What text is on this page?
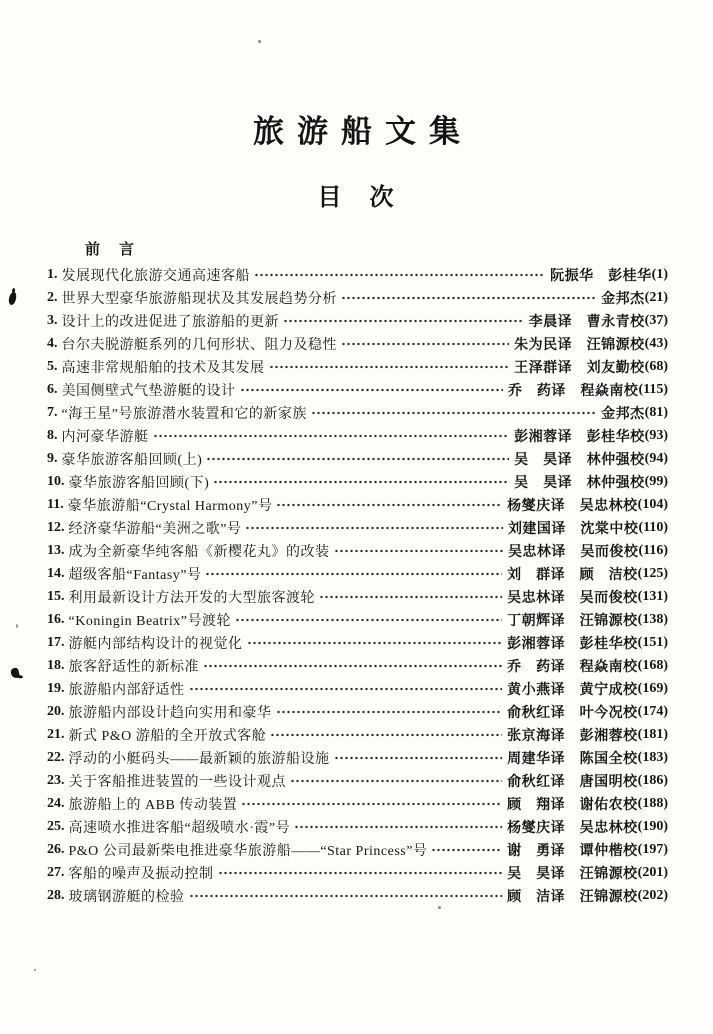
旅游船文集
目　次
前　言
1. 发展现代化旅游交通高速客船	阮振华　彭桂华 (1)
2. 世界大型豪华旅游船现状及其发展趋势分析	金邦杰 (21)
3. 设计上的改进促进了旅游船的更新	李晨译　曹永青校 (37)
4. 台尔夫脱游艇系列的几何形状、阻力及稳性	朱为民译　汪锦源校 (43)
5. 高速非常规船舶的技术及其发展	王泽群译　刘友勤校 (68)
6. 美国侧壁式气垫游艇的设计	乔　药译　程焱南校 (115)
7. “海王星”号旅游潜水装置和它的新家族	金邦杰 (81)
8. 内河豪华游艇	彭湘蓉译　彭桂华校 (93)
9. 豪华旅游客船回顾(上)	吴　昊译　林仲强校 (94)
10. 豪华旅游客船回顾(下)	吴　昊译　林仲强校 (99)
11. 豪华旅游船“Crystal Harmony”号	杨燮庆译　吴忠林校 (104)
12. 经济豪华游船“美洲之歌”号	刘建国译　沈棠中校 (110)
13. 成为全新豪华纯客船《新樱花丸》的改装	吴忠林译　吴而俊校 (116)
14. 超级客船“Fantasy”号	刘　群译　顾　洁校 (125)
15. 利用最新设计方法开发的大型旅客渡轮	吴忠林译　吴而俊校 (131)
16. “Koningin Beatrix”号渡轮	丁朝辉译　汪锦源校 (138)
17. 游艇内部结构设计的视觉化	彭湘蓉译　彭桂华校 (151)
18. 旅客舒适性的新标准	乔　药译　程焱南校 (168)
19. 旅游船内部舒适性	黄小燕译　黄宁成校 (169)
20. 旅游船内部设计趋向实用和豪华	俞秋红译　叶今况校 (174)
21. 新式 P&O 游船的全开放式客舱	张京海译　彭湘蓉校 (181)
22. 浮动的小艇码头——最新颖的旅游船设施	周建华译　陈国全校 (183)
23. 关于客船推进装置的一些设计观点	俞秋红译　唐国明校 (186)
24. 旅游船上的 ABB 传动装置	顾　翔译　谢佑农校 (188)
25. 高速喷水推进客船“超级喷水·霞”号	杨燮庆译　吴忠林校 (190)
26. P&O 公司最新柴电推进豪华旅游船——“Star Princess”号	谢　勇译　谭仲楷校 (197)
27. 客船的噪声及振动控制	吴　昊译　汪锦源校 (201)
28. 玻璃钢游艇的检验	顾　洁译　汪锦源校 (202)
